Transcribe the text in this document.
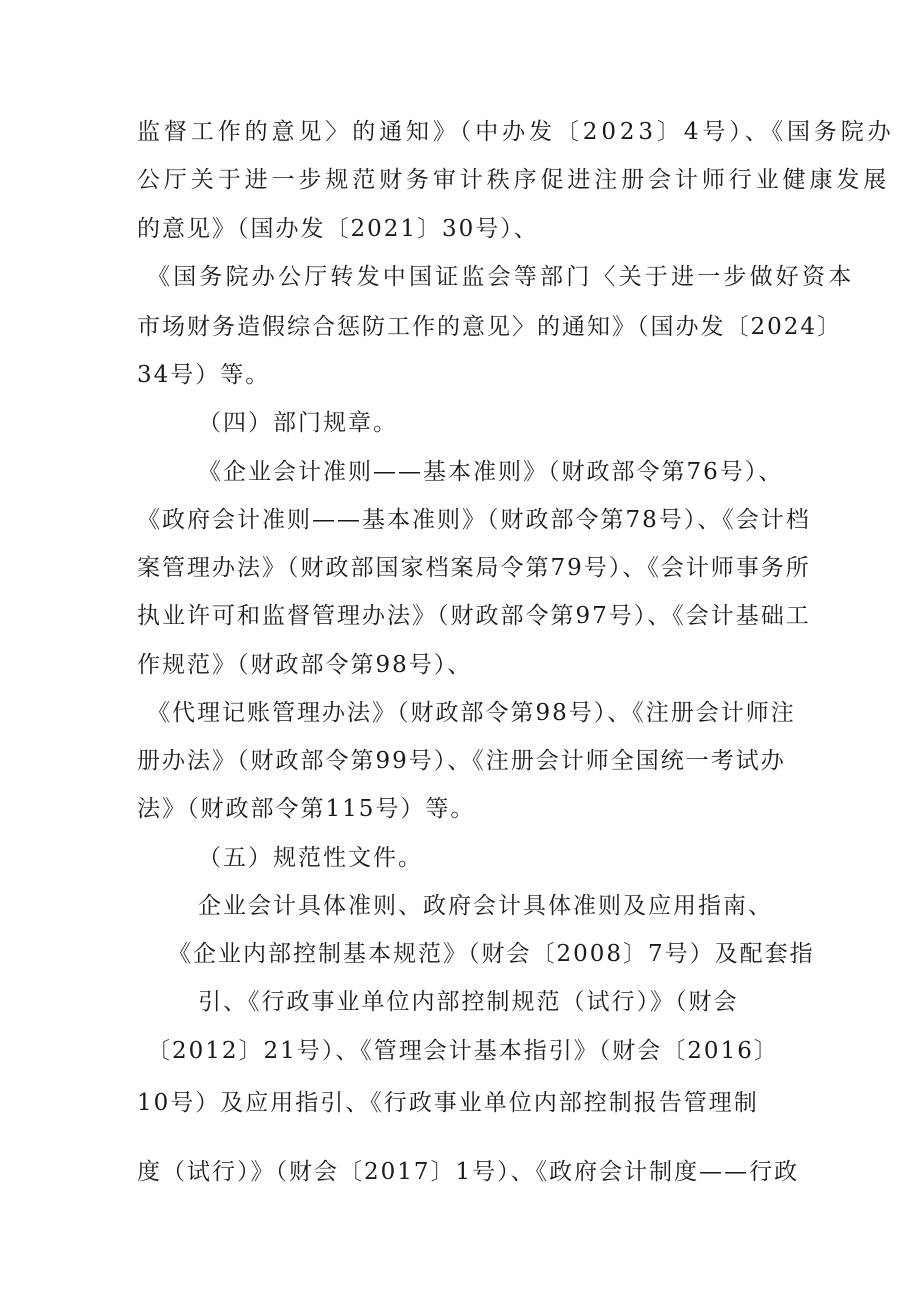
监督工作的意见〉的通知》（中办发〔2023〕4号）、《国务院办

公厅关于进一步规范财务审计秩序促进注册会计师行业健康发展

的意见》（国办发〔2021〕30号）、

《国务院办公厅转发中国证监会等部门〈关于进一步做好资本

市场财务造假综合惩防工作的意见〉的通知》（国办发〔2024〕

34号）等。

（四）部门规章。

《企业会计准则——基本准则》（财政部令第76号）、

《政府会计准则——基本准则》（财政部令第78号）、《会计档

案管理办法》（财政部国家档案局令第79号）、《会计师事务所

执业许可和监督管理办法》（财政部令第97号）、《会计基础工

作规范》（财政部令第98号）、

《代理记账管理办法》（财政部令第98号）、《注册会计师注

册办法》（财政部令第99号）、《注册会计师全国统一考试办

法》（财政部令第115号）等。

（五）规范性文件。

企业会计具体准则、政府会计具体准则及应用指南、

《企业内部控制基本规范》（财会〔2008〕7号）及配套指

引、《行政事业单位内部控制规范（试行）》（财会

〔2012〕21号）、《管理会计基本指引》（财会〔2016〕

10号）及应用指引、《行政事业单位内部控制报告管理制

度（试行）》（财会〔2017〕1号）、《政府会计制度——行政
